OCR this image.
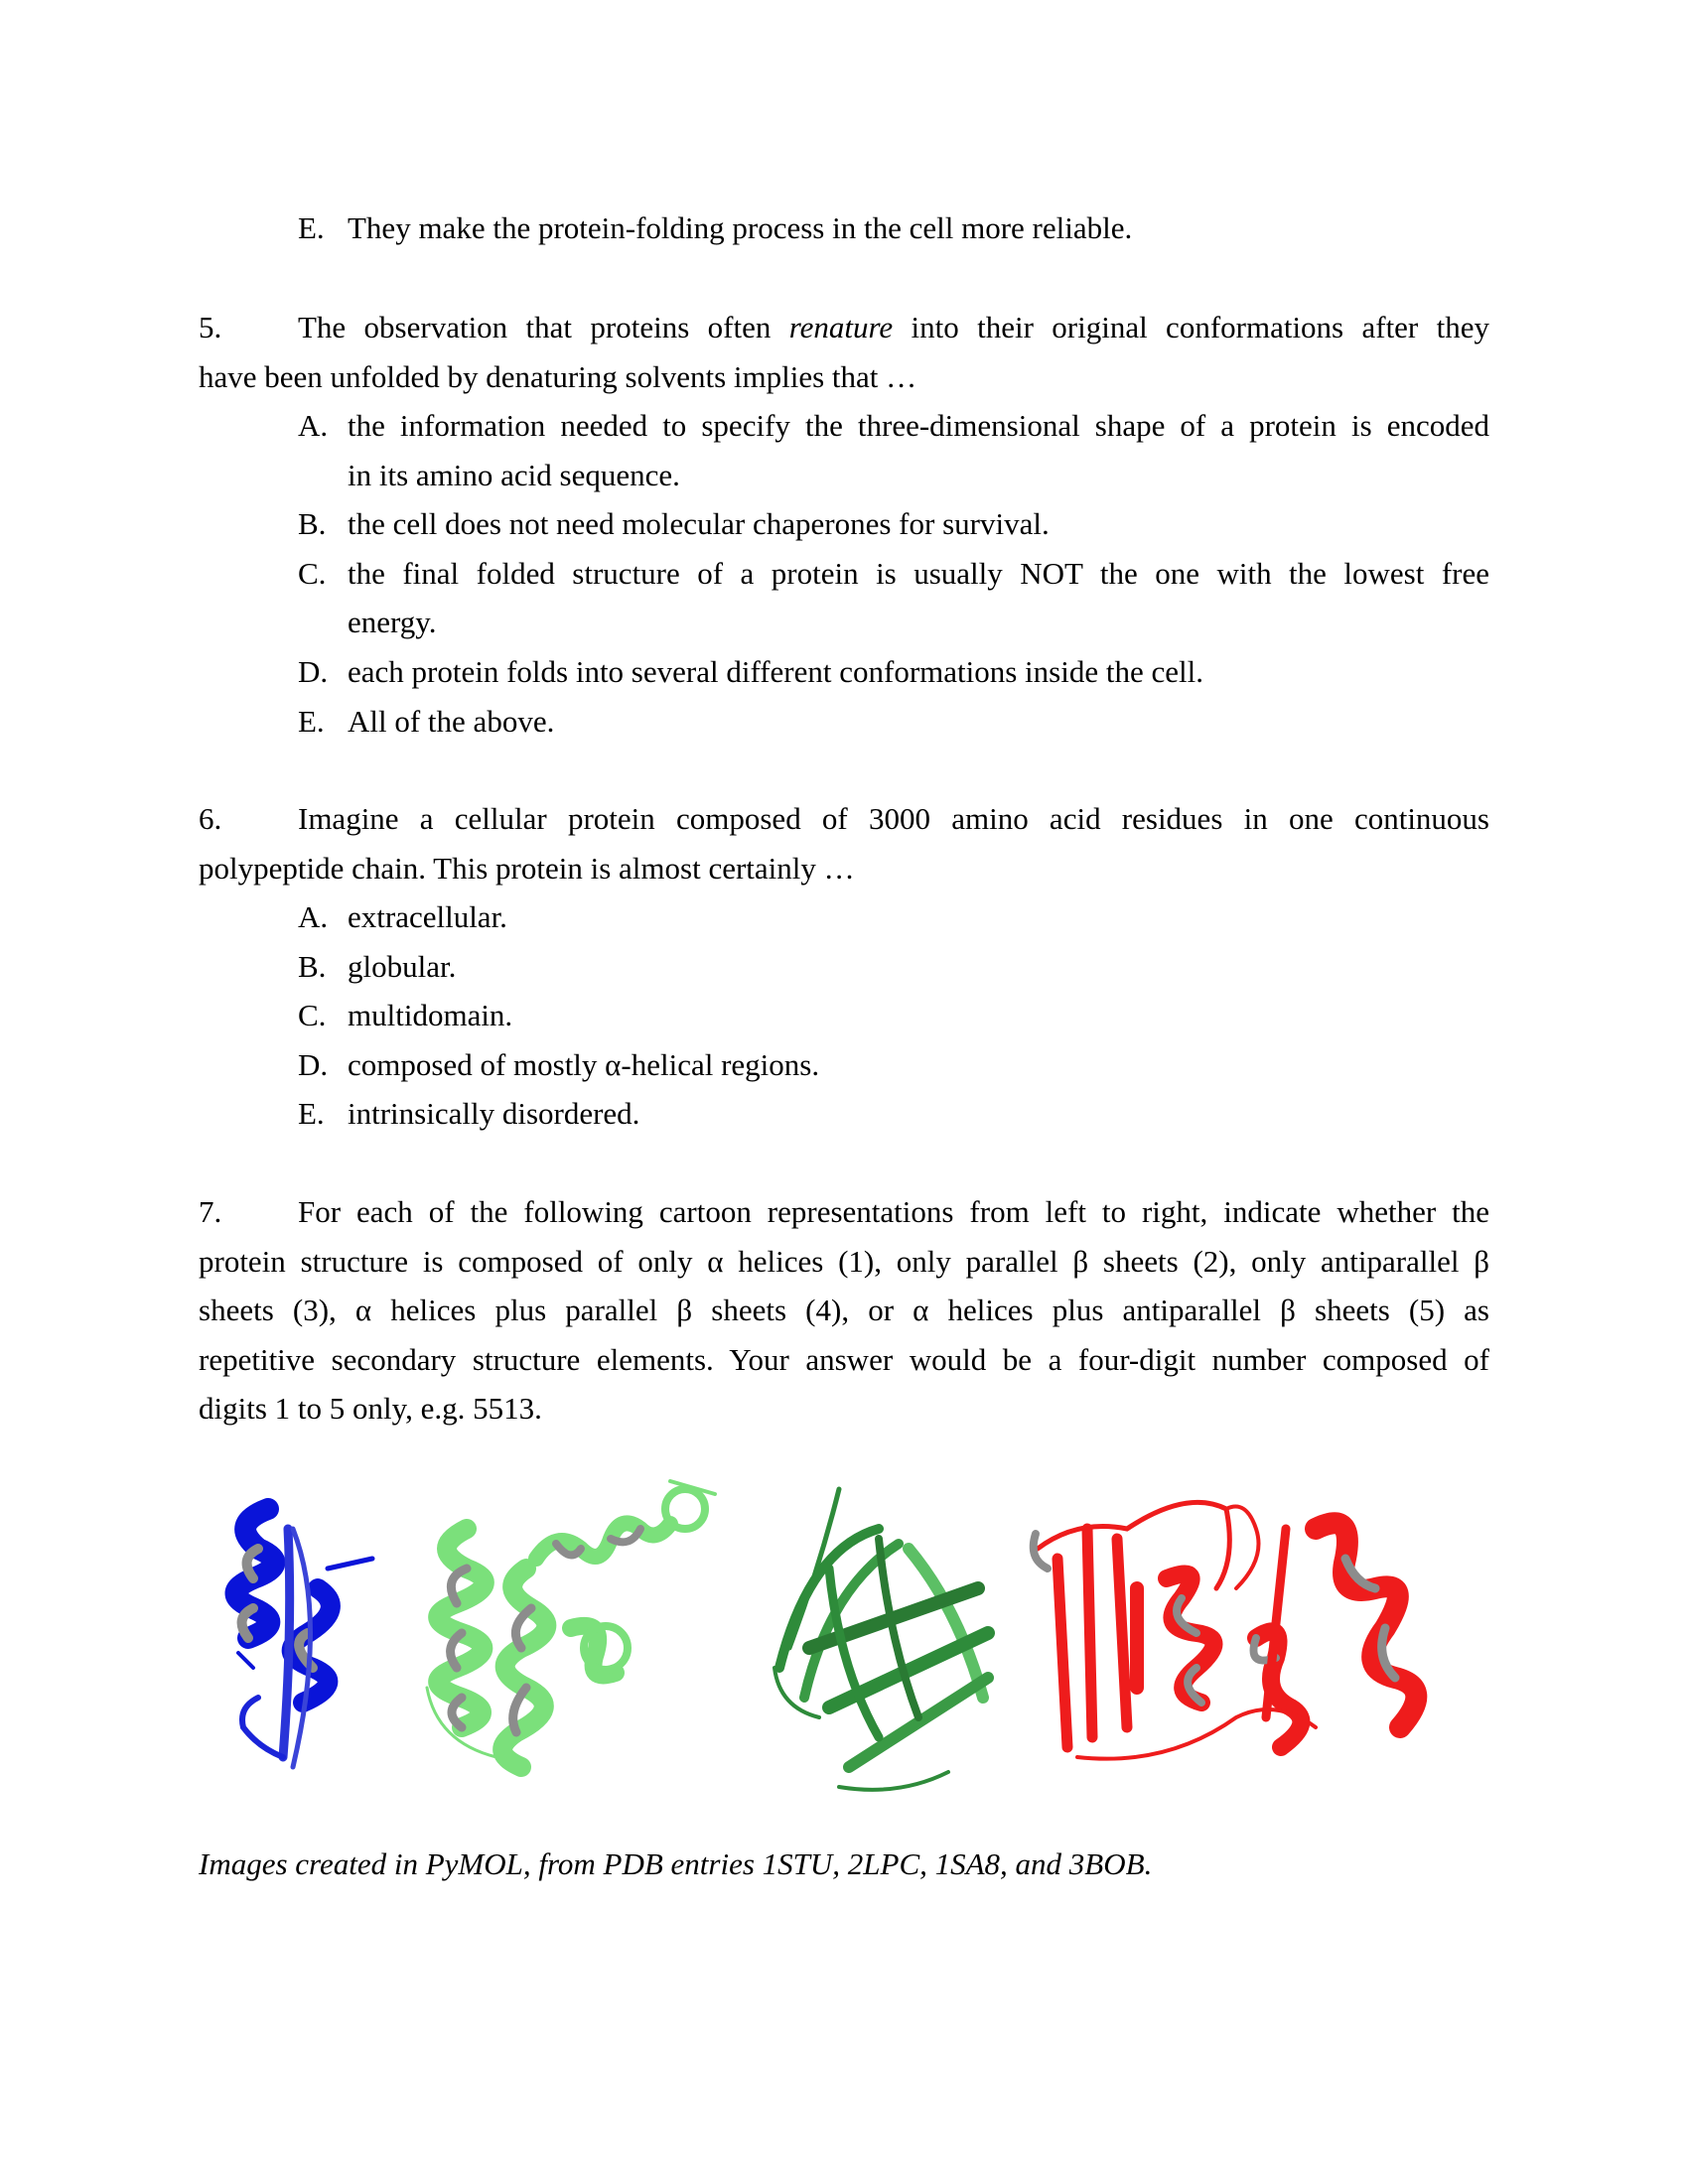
E. They make the protein-folding process in the cell more reliable.
5. The observation that proteins often renature into their original conformations after they
have been unfolded by denaturing solvents implies that …
A. the information needed to specify the three-dimensional shape of a protein is encoded
in its amino acid sequence.
B. the cell does not need molecular chaperones for survival.
C. the final folded structure of a protein is usually NOT the one with the lowest free
energy.
D. each protein folds into several different conformations inside the cell.
E. All of the above.
6. Imagine a cellular protein composed of 3000 amino acid residues in one continuous
polypeptide chain. This protein is almost certainly …
A. extracellular.
B. globular.
C. multidomain.
D. composed of mostly α-helical regions.
E. intrinsically disordered.
7. For each of the following cartoon representations from left to right, indicate whether the
protein structure is composed of only α helices (1), only parallel β sheets (2), only antiparallel β
sheets (3), α helices plus parallel β sheets (4), or α helices plus antiparallel β sheets (5) as
repetitive secondary structure elements. Your answer would be a four-digit number composed of
digits 1 to 5 only, e.g. 5513.
Images created in PyMOL, from PDB entries 1STU, 2LPC, 1SA8, and 3BOB.
